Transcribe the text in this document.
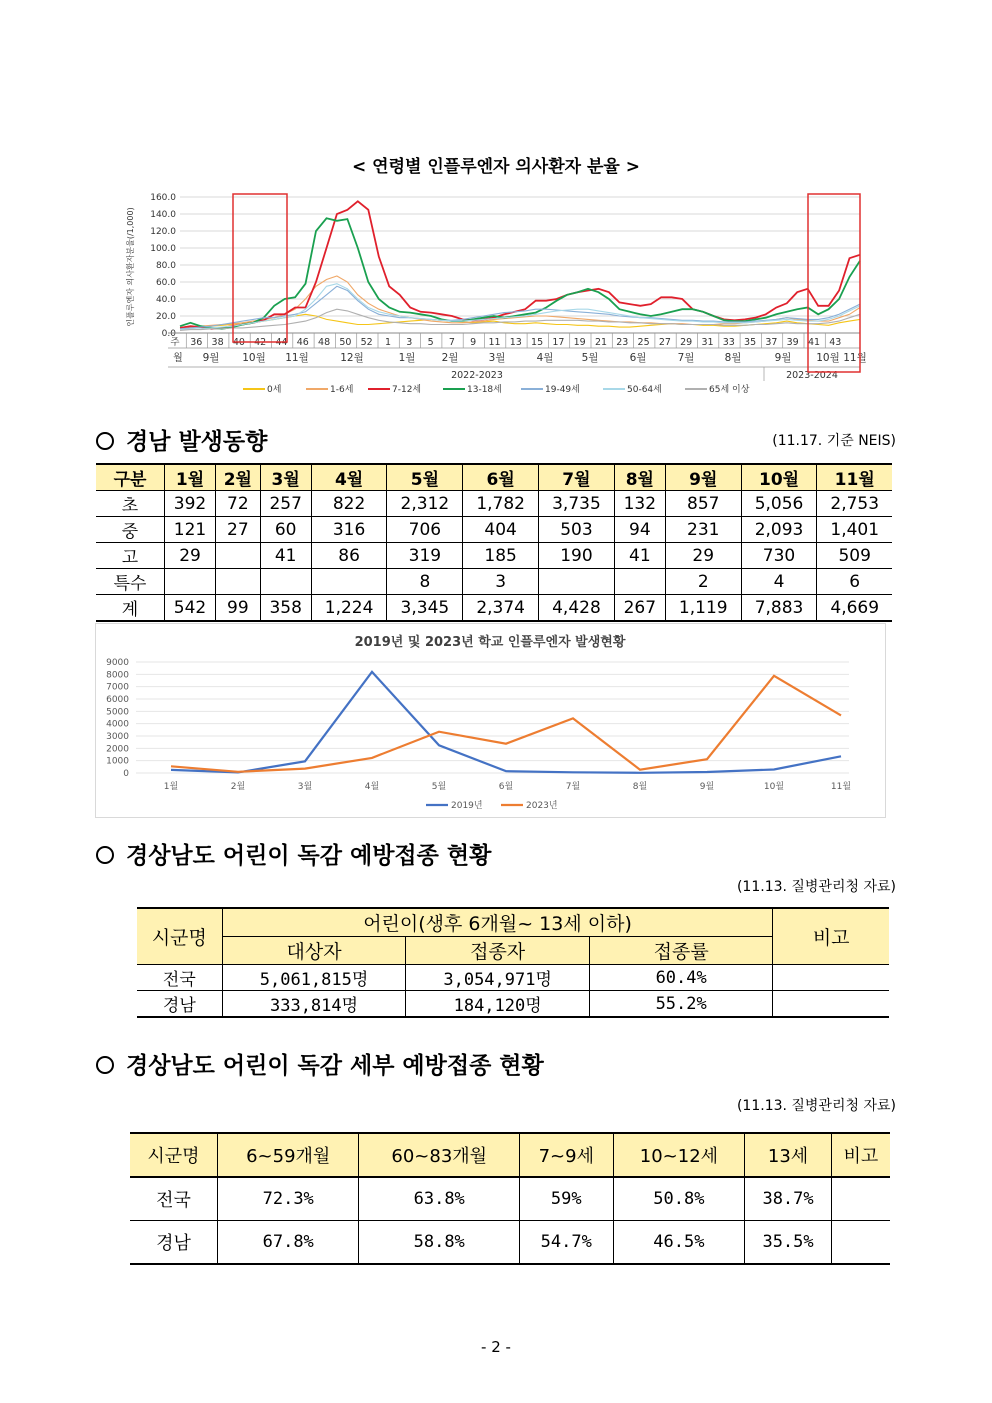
< 연령별 인플루엔자 의사환자 분율 >
160.0
140.0
120.0
100.0
80.0
60.0
40.0
20.0
0.0
인플루엔자 의사환자분율(/1,000)
주 36 38 40 42 44 46 48 50 52 1 3 5 7 9 11 13 15 17 19 21 23 25 27 29 31 33 35 37 39 41 43
월 9월 10월 11월	12월	1월 2월	3월	4월	5월	6월	7월	8월	9월 10월 11월
2022-2023	2023-2024
0세	1-6세	7-12세	13-18세	19-49세	50-64세	65세 이상
경남 발생동향	(11.17. 기준 NEIS)
구분	1월	2월	3월	4월	5월	6월	7월	8월	9월	10월	11월
초	392	72	257	822	2,312	1,782	3,735	132	857	5,056	2,753
중	121	27	60	316	706	404	503	94	231	2,093	1,401
고	29		41	86	319	185	190	41	29	730	509
특수					8	3			2	4	6
계	542	99	358	1,224	3,345	2,374	4,428	267	1,119	7,883	4,669
2019년 및 2023년 학교 인플루엔자 발생현황
9000
8000
7000
6000
5000
4000
3000
2000
1000
0
1월	2월	3월	4월	5월	6월	7월	8월	9월	10월	11월
2019년	2023년
경상남도 어린이 독감 예방접종 현황
(11.13. 질병관리청 자료)
시군명	어린이(생후 6개월~ 13세 이하)			비고
	대상자	접종자	접종률	
전국	5,061,815명	3,054,971명	60.4%	
경남	333,814명	184,120명	55.2%	
경상남도 어린이 독감 세부 예방접종 현황
(11.13. 질병관리청 자료)
시군명	6~59개월	60~83개월	7~9세	10~12세	13세	비고
전국	72.3%	63.8%	59%	50.8%	38.7%	
경남	67.8%	58.8%	54.7%	46.5%	35.5%	
- 2 -
